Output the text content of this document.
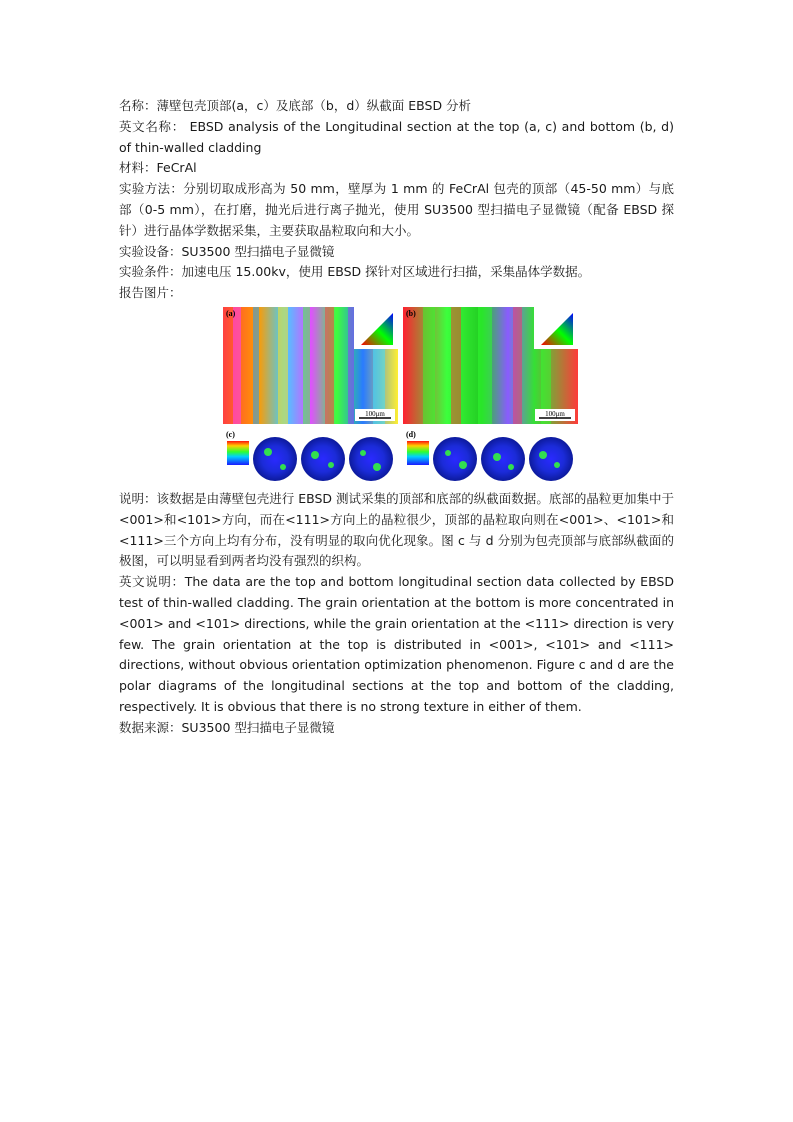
名称：薄壁包壳顶部(a，c）及底部（b，d）纵截面 EBSD 分析

英文名称： EBSD analysis of the Longitudinal section at the top (a, c) and bottom (b, d) of thin-walled cladding

材料：FeCrAl

实验方法：分别切取成形高为 50 mm，壁厚为 1 mm 的 FeCrAl 包壳的顶部（45-50 mm）与底部（0-5 mm），在打磨，抛光后进行离子抛光，使用 SU3500 型扫描电子显微镜（配备 EBSD 探针）进行晶体学数据采集，主要获取晶粒取向和大小。

实验设备：SU3500 型扫描电子显微镜

实验条件：加速电压 15.00kv，使用 EBSD 探针对区域进行扫描，采集晶体学数据。

报告图片：

100μm
(a)
100μm
(b)
(c)	(d)

说明：该数据是由薄壁包壳进行 EBSD 测试采集的顶部和底部的纵截面数据。底部的晶粒更加集中于<001>和<101>方向，而在<111>方向上的晶粒很少，顶部的晶粒取向则在<001>、<101>和<111>三个方向上均有分布，没有明显的取向优化现象。图 c 与 d 分别为包壳顶部与底部纵截面的极图，可以明显看到两者均没有强烈的织构。

英文说明：The data are the top and bottom longitudinal section data collected by EBSD test of thin-walled cladding. The grain orientation at the bottom is more concentrated in <001> and <101> directions, while the grain orientation at the <111> direction is very few. The grain orientation at the top is distributed in <001>, <101> and <111> directions, without obvious orientation optimization phenomenon. Figure c and d are the polar diagrams of the longitudinal sections at the top and bottom of the cladding, respectively. It is obvious that there is no strong texture in either of them.

数据来源：SU3500 型扫描电子显微镜
